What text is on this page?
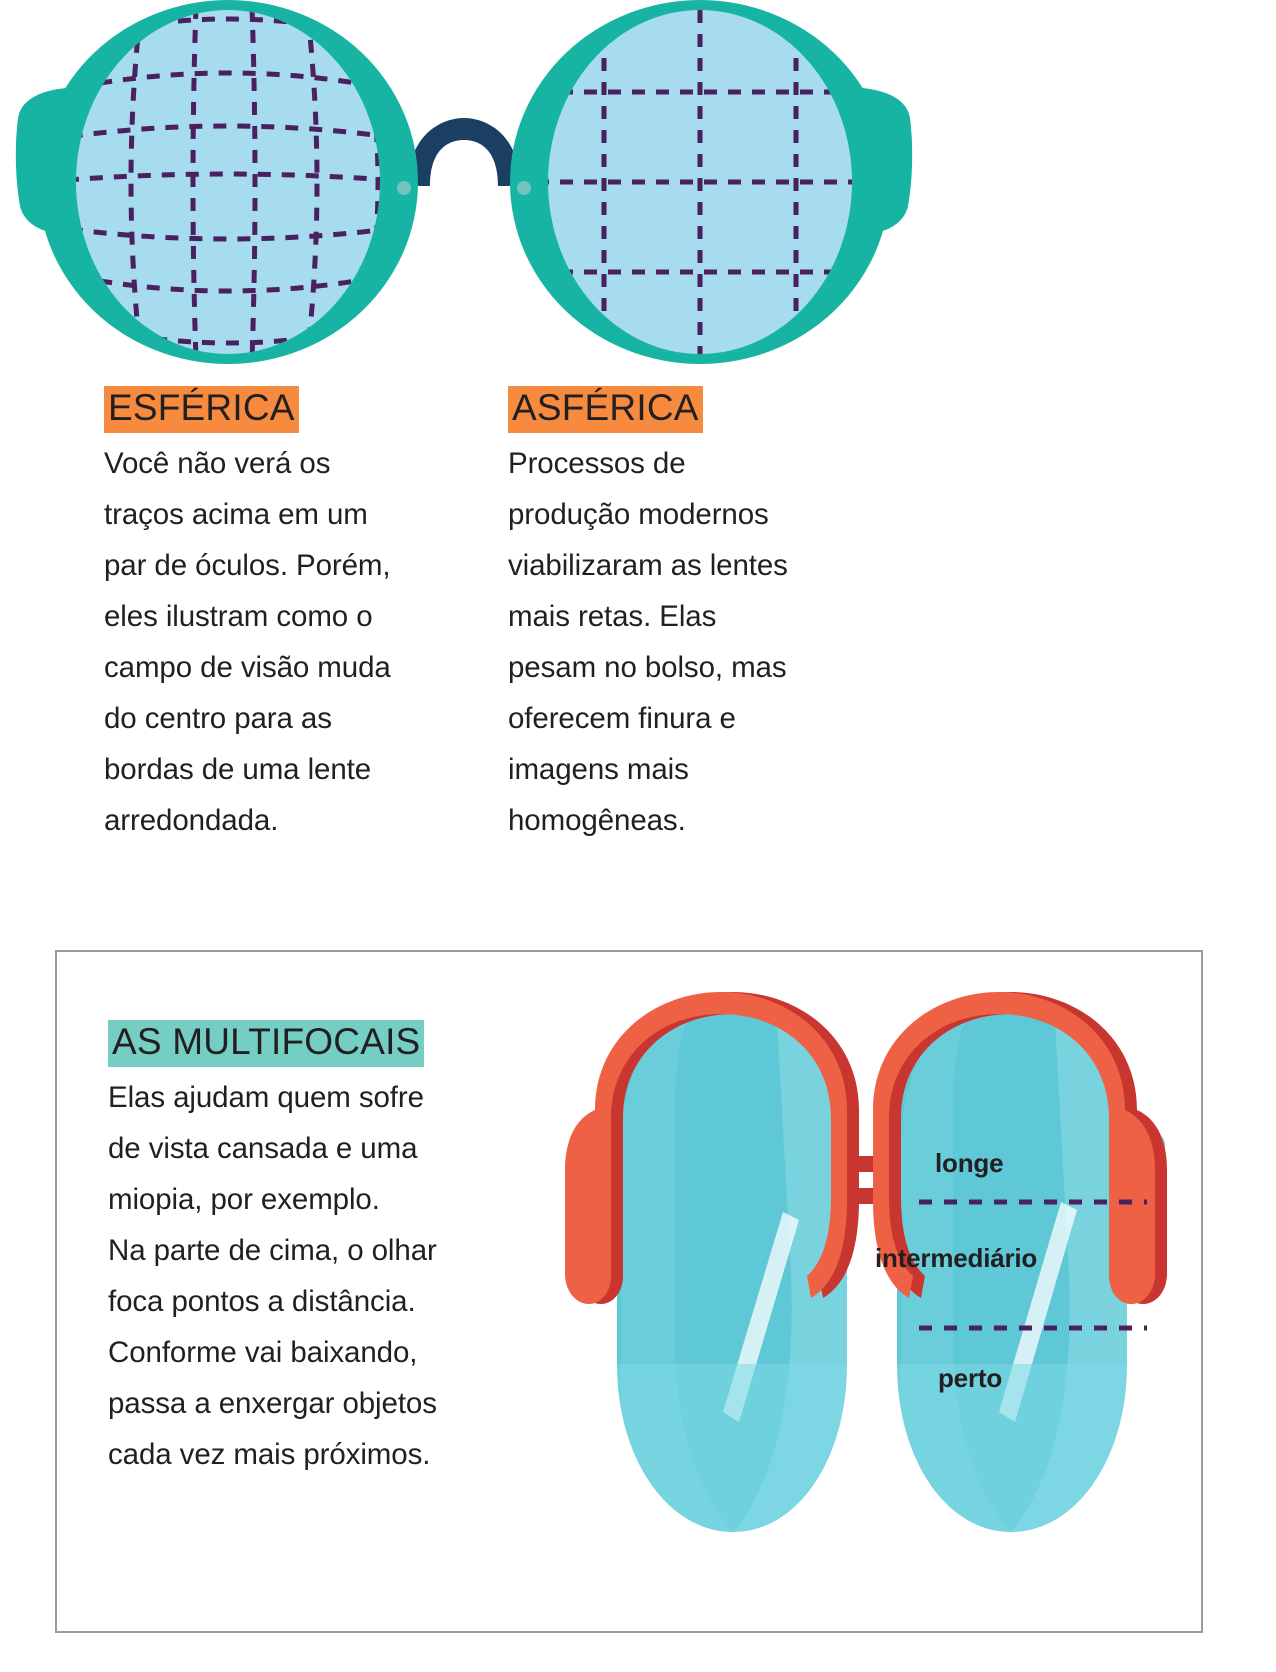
ESFÉRICA
Você não verá os
traços acima em um
par de óculos. Porém,
eles ilustram como o
campo de visão muda
do centro para as
bordas de uma lente
arredondada.
ASFÉRICA
Processos de
produção modernos
viabilizaram as lentes
mais retas. Elas
pesam no bolso, mas
oferecem finura e
imagens mais
homogêneas.
AS MULTIFOCAIS
Elas ajudam quem sofre
de vista cansada e uma
miopia, por exemplo.
Na parte de cima, o olhar
foca pontos a distância.
Conforme vai baixando,
passa a enxergar objetos
cada vez mais próximos.
longe
intermediário
perto
